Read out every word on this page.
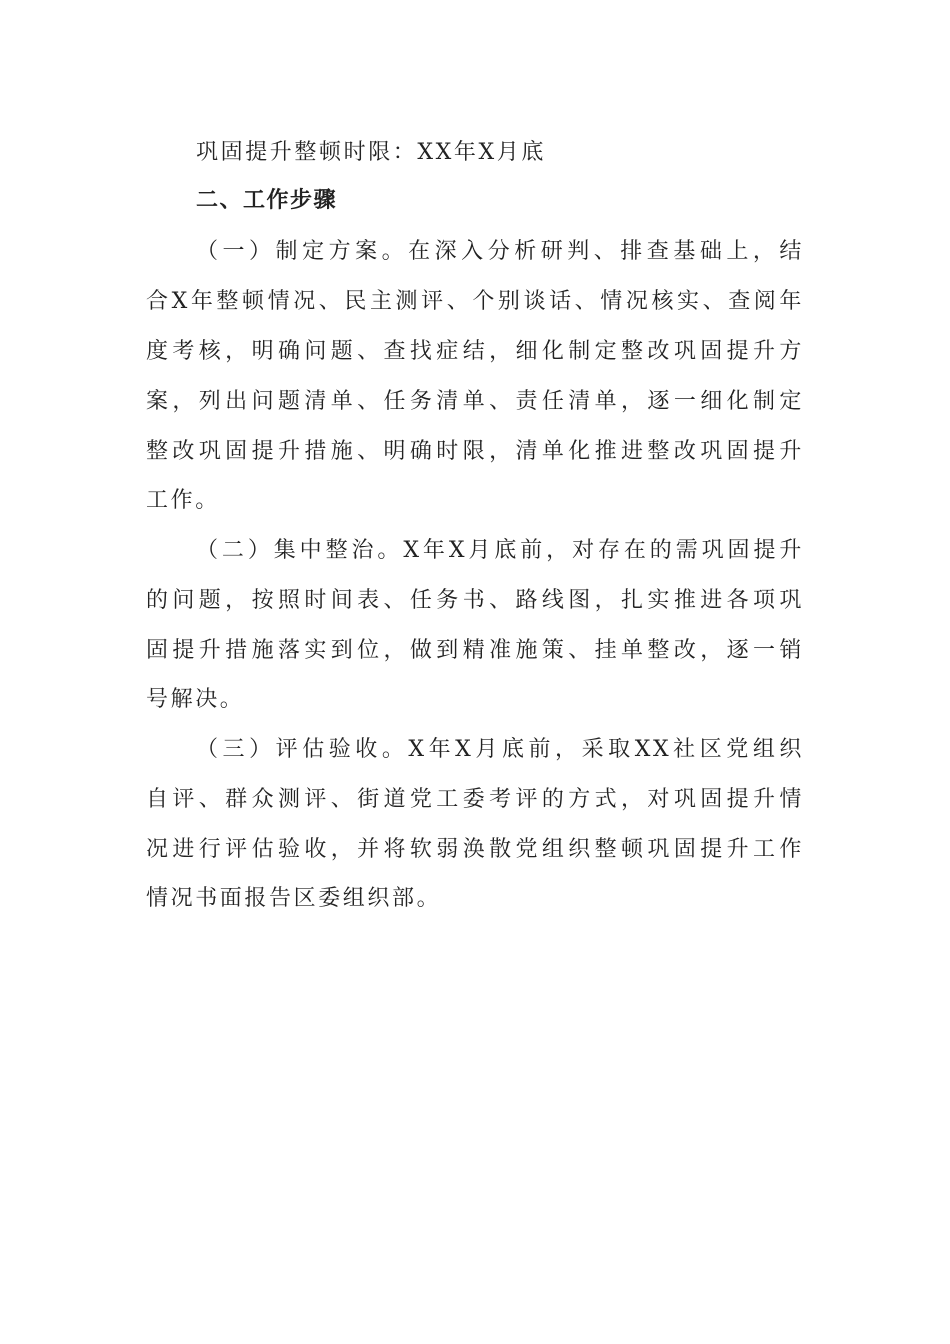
巩固提升整顿时限：XX年X月底
二、工作步骤
（一）制定方案。在深入分析研判、排查基础上，结
合X年整顿情况、民主测评、个别谈话、情况核实、查阅年
度考核，明确问题、查找症结，细化制定整改巩固提升方
案，列出问题清单、任务清单、责任清单，逐一细化制定
整改巩固提升措施、明确时限，清单化推进整改巩固提升
工作。
（二）集中整治。X年X月底前，对存在的需巩固提升
的问题，按照时间表、任务书、路线图，扎实推进各项巩
固提升措施落实到位，做到精准施策、挂单整改，逐一销
号解决。
（三）评估验收。X年X月底前，采取XX社区党组织
自评、群众测评、街道党工委考评的方式，对巩固提升情
况进行评估验收，并将软弱涣散党组织整顿巩固提升工作
情况书面报告区委组织部。
